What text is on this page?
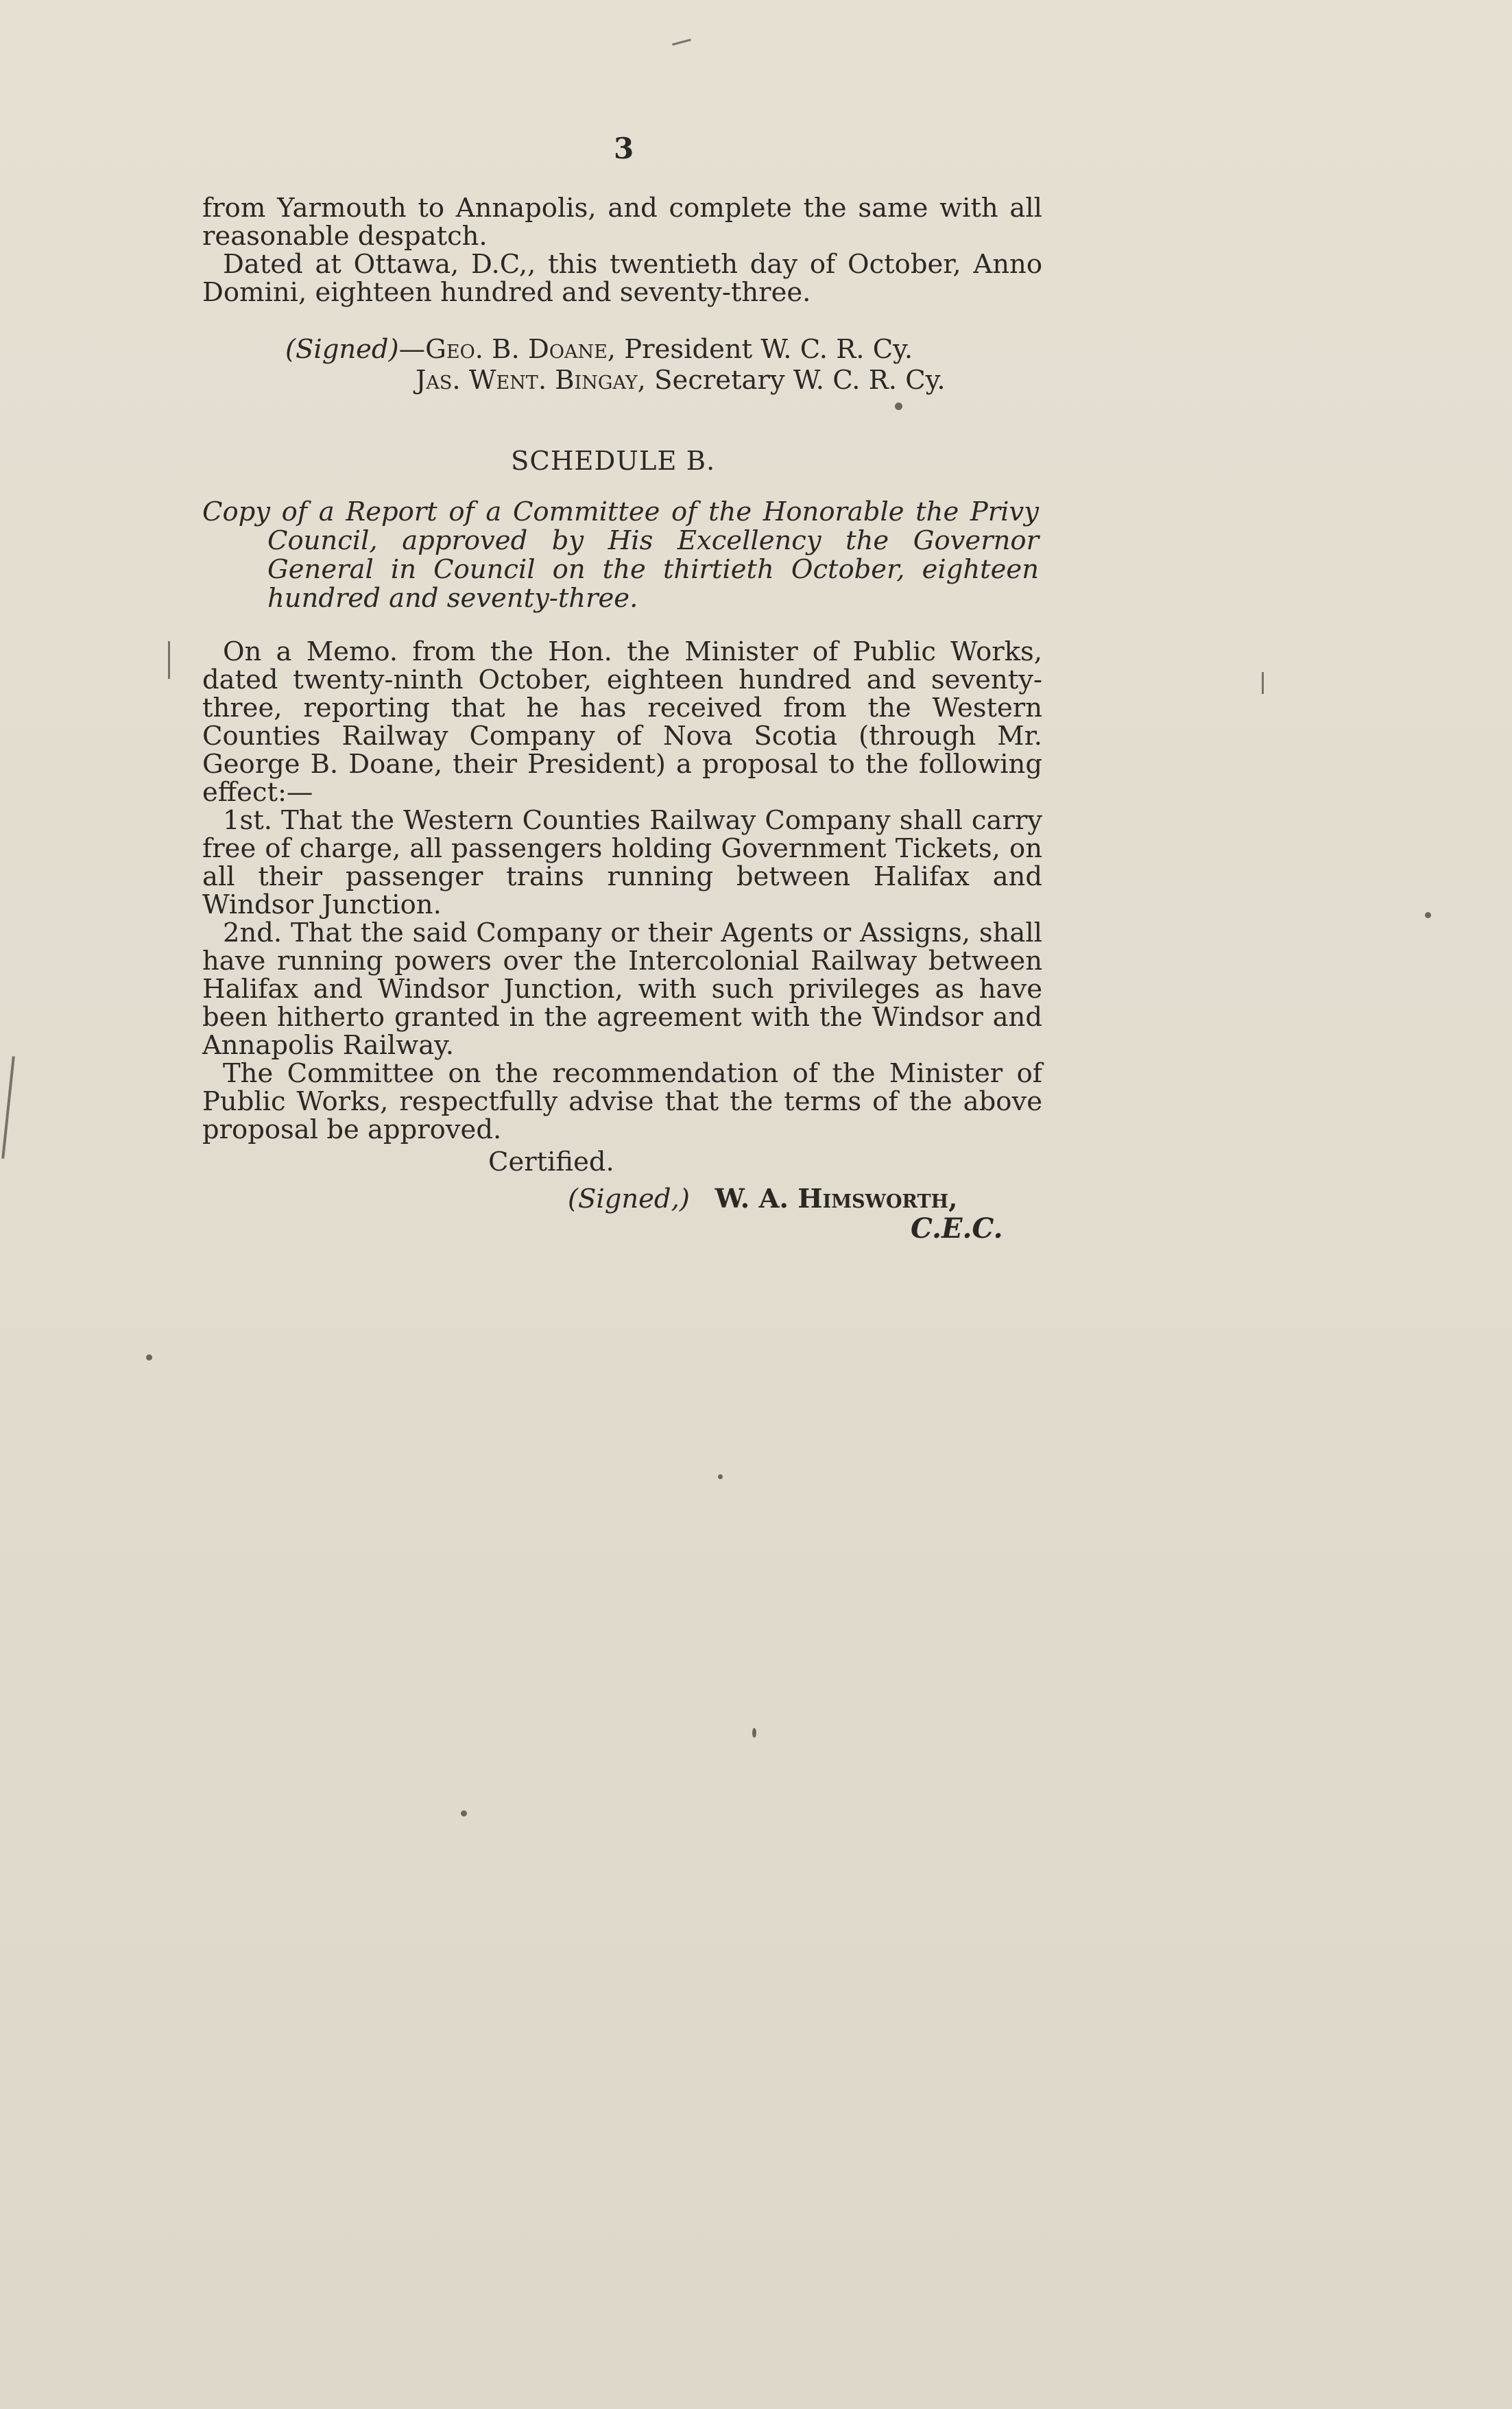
3

from Yarmouth to Annapolis, and complete the same with all reasonable despatch.

Dated at Ottawa, D.C,, this twentieth day of October, Anno Domini, eighteen hundred and seventy-three.

(Signed)—Geo. B. Doane, President W. C. R. Cy.
Jas. Went. Bingay, Secretary W. C. R. Cy.
SCHEDULE B.

Copy of a Report of a Committee of the Honorable the Privy Council, approved by His Excellency the Governor General in Council on the thirtieth October, eighteen hundred and seventy-three.

On a Memo. from the Hon. the Minister of Public Works, dated twenty-ninth October, eighteen hundred and seventy-three, reporting that he has received from the Western Counties Railway Company of Nova Scotia (through Mr. George B. Doane, their President) a proposal to the following effect:—

1st. That the Western Counties Railway Company shall carry free of charge, all passengers holding Government Tickets, on all their passenger trains running between Halifax and Windsor Junction.

2nd. That the said Company or their Agents or Assigns, shall have running powers over the Intercolonial Railway between Halifax and Windsor Junction, with such privileges as have been hitherto granted in the agreement with the Windsor and Annapolis Railway.

The Committee on the recommendation of the Minister of Public Works, respectfully advise that the terms of the above proposal be approved.

Certified.
(Signed,) W. A. Himsworth,
C.E.C.
